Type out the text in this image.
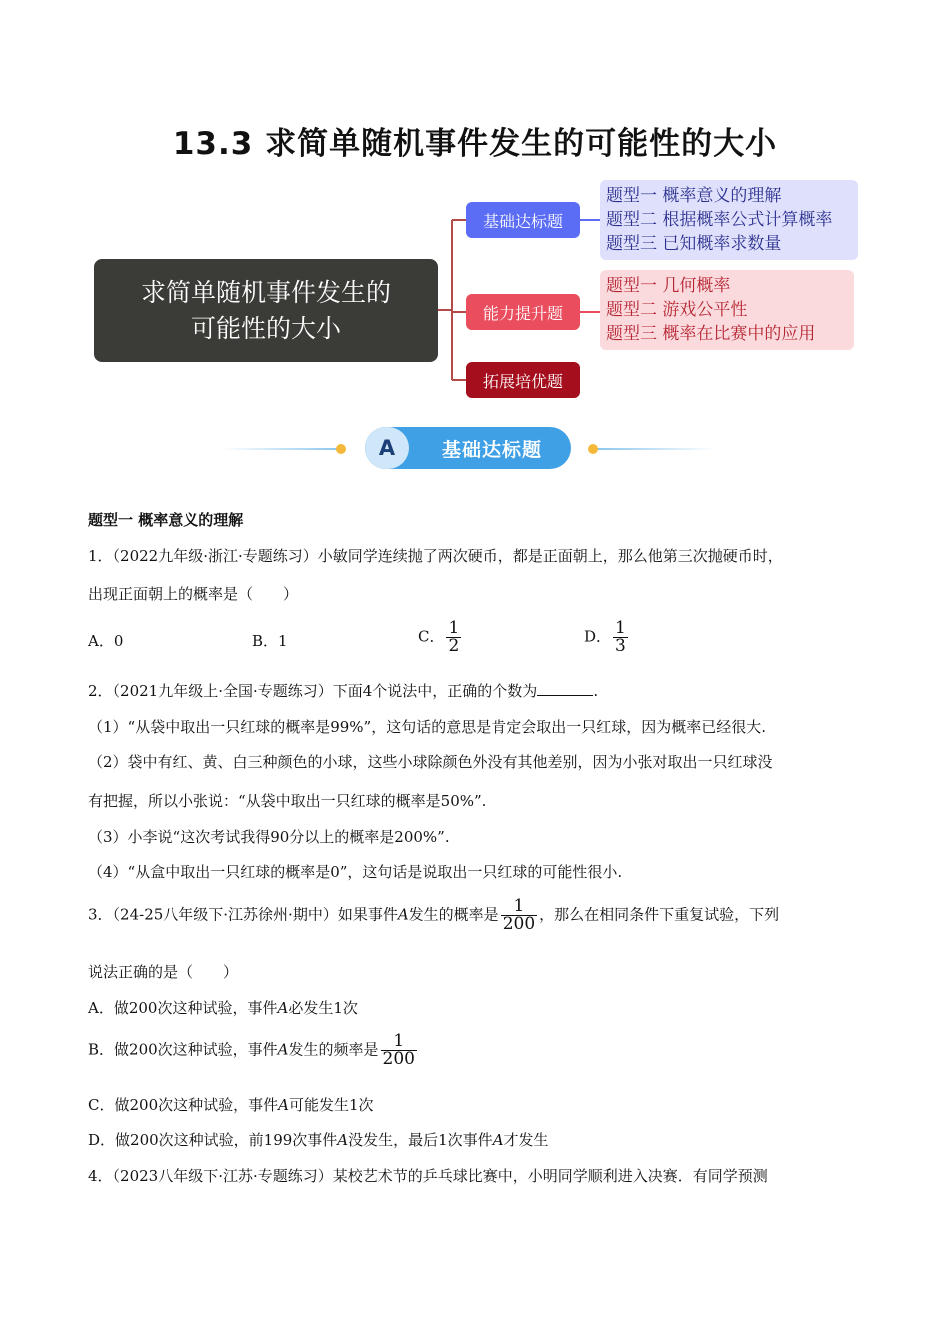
13.3 求简单随机事件发生的可能性的大小
求简单随机事件发生的
可能性的大小
基础达标题
能力提升题
拓展培优题
题型一 概率意义的理解
题型二 根据概率公式计算概率
题型三 已知概率求数量
题型一 几何概率
题型二 游戏公平性
题型三 概率在比赛中的应用
A	基础达标题
题型一 概率意义的理解
1．（2022九年级·浙江·专题练习）小敏同学连续抛了两次硬币，都是正面朝上，那么他第三次抛硬币时，
出现正面朝上的概率是（　　）
A．0	B．1	C． $\frac{1}{2}$	D． $\frac{1}{3}$
2．（2021九年级上·全国·专题练习）下面4个说法中，正确的个数为	.
（1）“从袋中取出一只红球的概率是99%”，这句话的意思是肯定会取出一只红球，因为概率已经很大.
（2）袋中有红、黄、白三种颜色的小球，这些小球除颜色外没有其他差别，因为小张对取出一只红球没
有把握，所以小张说：“从袋中取出一只红球的概率是50%”.
（3）小李说“这次考试我得90分以上的概率是200%”.
（4）“从盒中取出一只红球的概率是0”，这句话是说取出一只红球的可能性很小.
3．（24-25八年级下·江苏徐州·期中）如果事件A发生的概率是 $\frac{1}{200}$ ，那么在相同条件下重复试验，下列
说法正确的是（　　）
A．做200次这种试验，事件A必发生1次
B．做200次这种试验，事件A发生的频率是 $\frac{1}{200}$
C．做200次这种试验，事件A可能发生1次
D．做200次这种试验，前199次事件A没发生，最后1次事件A才发生
4．（2023八年级下·江苏·专题练习）某校艺术节的乒乓球比赛中，小明同学顺利进入决赛．有同学预测
